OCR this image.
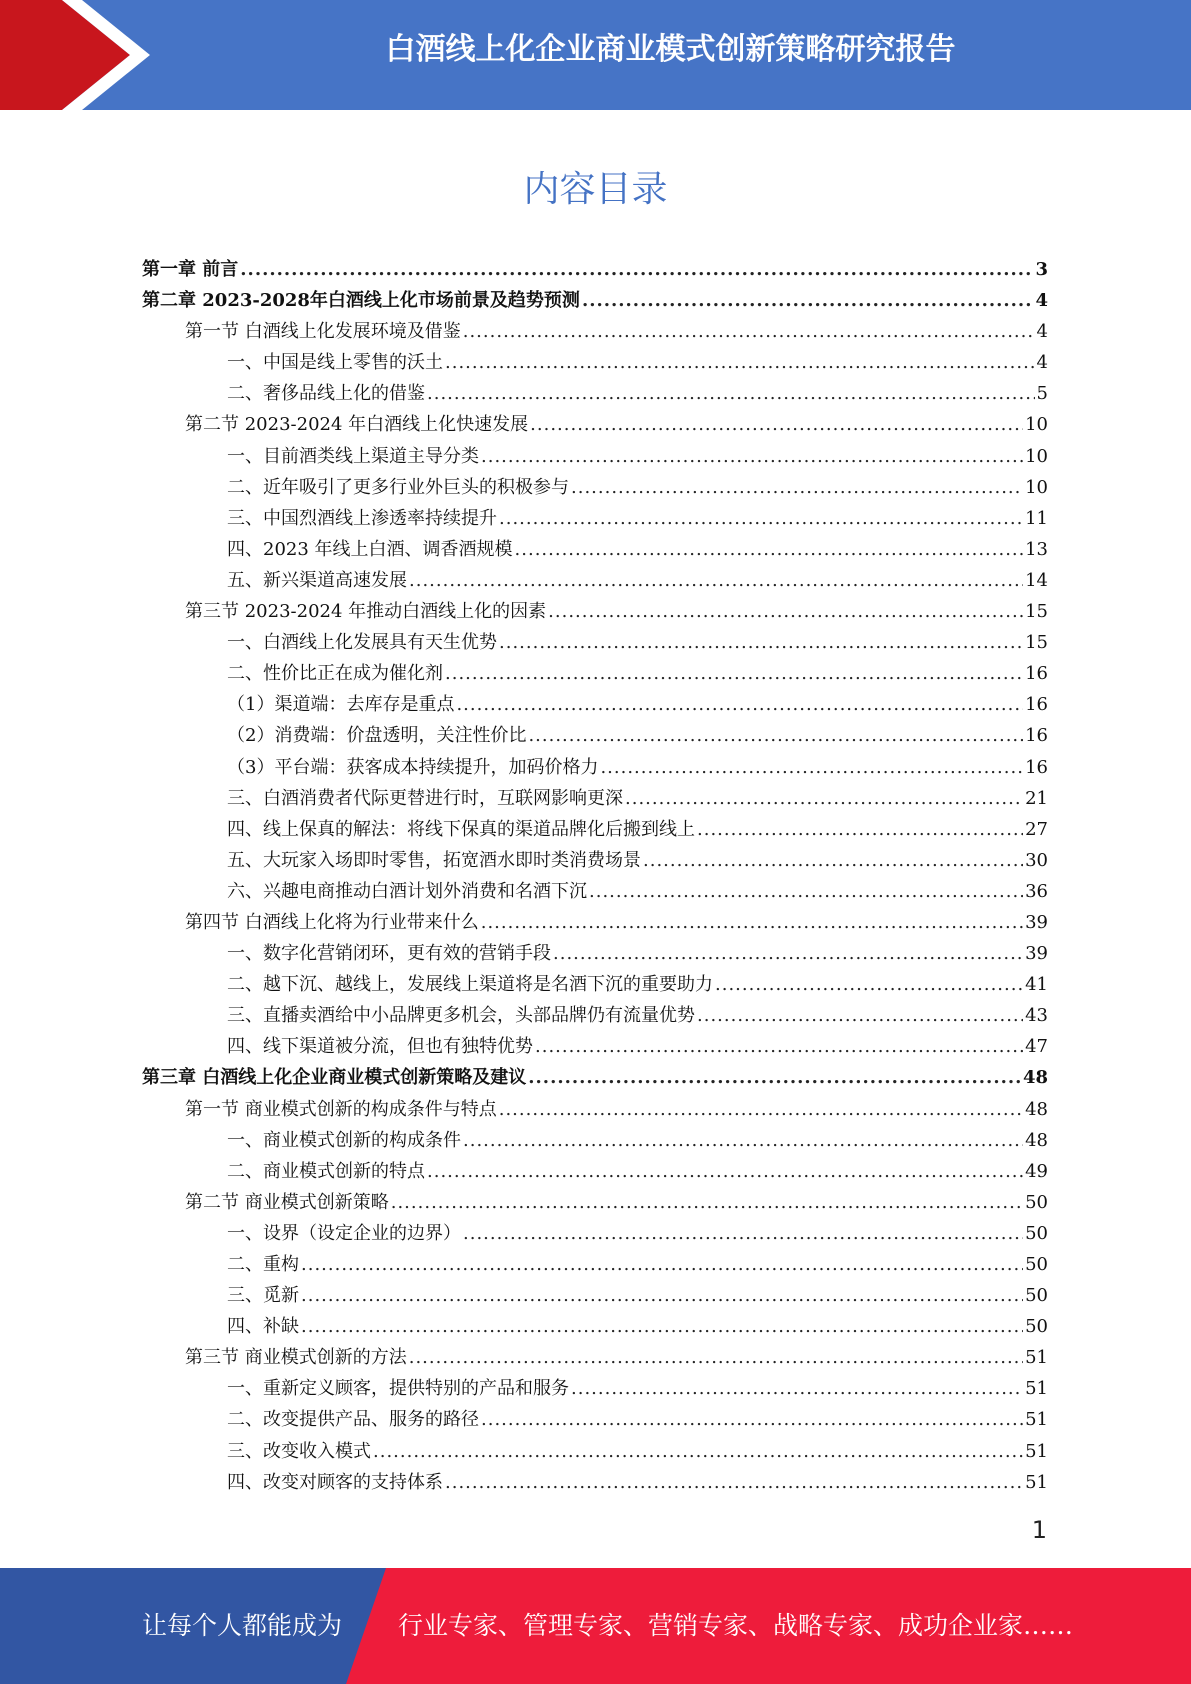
白酒线上化企业商业模式创新策略研究报告
内容目录
第一章 前言 .....	3
第二章 2023-2028年白酒线上化市场前景及趋势预测 .....	4
第一节 白酒线上化发展环境及借鉴 .....	4
一、中国是线上零售的沃土 .....	4
二、奢侈品线上化的借鉴 .....	5
第二节 2023-2024 年白酒线上化快速发展 .....	10
一、目前酒类线上渠道主导分类 .....	10
二、近年吸引了更多行业外巨头的积极参与 .....	10
三、中国烈酒线上渗透率持续提升 .....	11
四、2023 年线上白酒、调香酒规模 .....	13
五、新兴渠道高速发展 .....	14
第三节 2023-2024 年推动白酒线上化的因素 .....	15
一、白酒线上化发展具有天生优势 .....	15
二、性价比正在成为催化剂 .....	16
（1）渠道端：去库存是重点 .....	16
（2）消费端：价盘透明，关注性价比 .....	16
（3）平台端：获客成本持续提升，加码价格力 .....	16
三、白酒消费者代际更替进行时，互联网影响更深 .....	21
四、线上保真的解法：将线下保真的渠道品牌化后搬到线上 .....	27
五、大玩家入场即时零售，拓宽酒水即时类消费场景 .....	30
六、兴趣电商推动白酒计划外消费和名酒下沉 .....	36
第四节 白酒线上化将为行业带来什么 .....	39
一、数字化营销闭环，更有效的营销手段 .....	39
二、越下沉、越线上，发展线上渠道将是名酒下沉的重要助力 .....	41
三、直播卖酒给中小品牌更多机会，头部品牌仍有流量优势 .....	43
四、线下渠道被分流，但也有独特优势 .....	47
第三章 白酒线上化企业商业模式创新策略及建议 .....	48
第一节 商业模式创新的构成条件与特点 .....	48
一、商业模式创新的构成条件 .....	48
二、商业模式创新的特点 .....	49
第二节 商业模式创新策略 .....	50
一、设界（设定企业的边界） .....	50
二、重构 .....	50
三、觅新 .....	50
四、补缺 .....	50
第三节 商业模式创新的方法 .....	51
一、重新定义顾客，提供特别的产品和服务 .....	51
二、改变提供产品、服务的路径 .....	51
三、改变收入模式 .....	51
四、改变对顾客的支持体系 .....	51
1
让每个人都能成为 行业专家、管理专家、营销专家、战略专家、成功企业家……
